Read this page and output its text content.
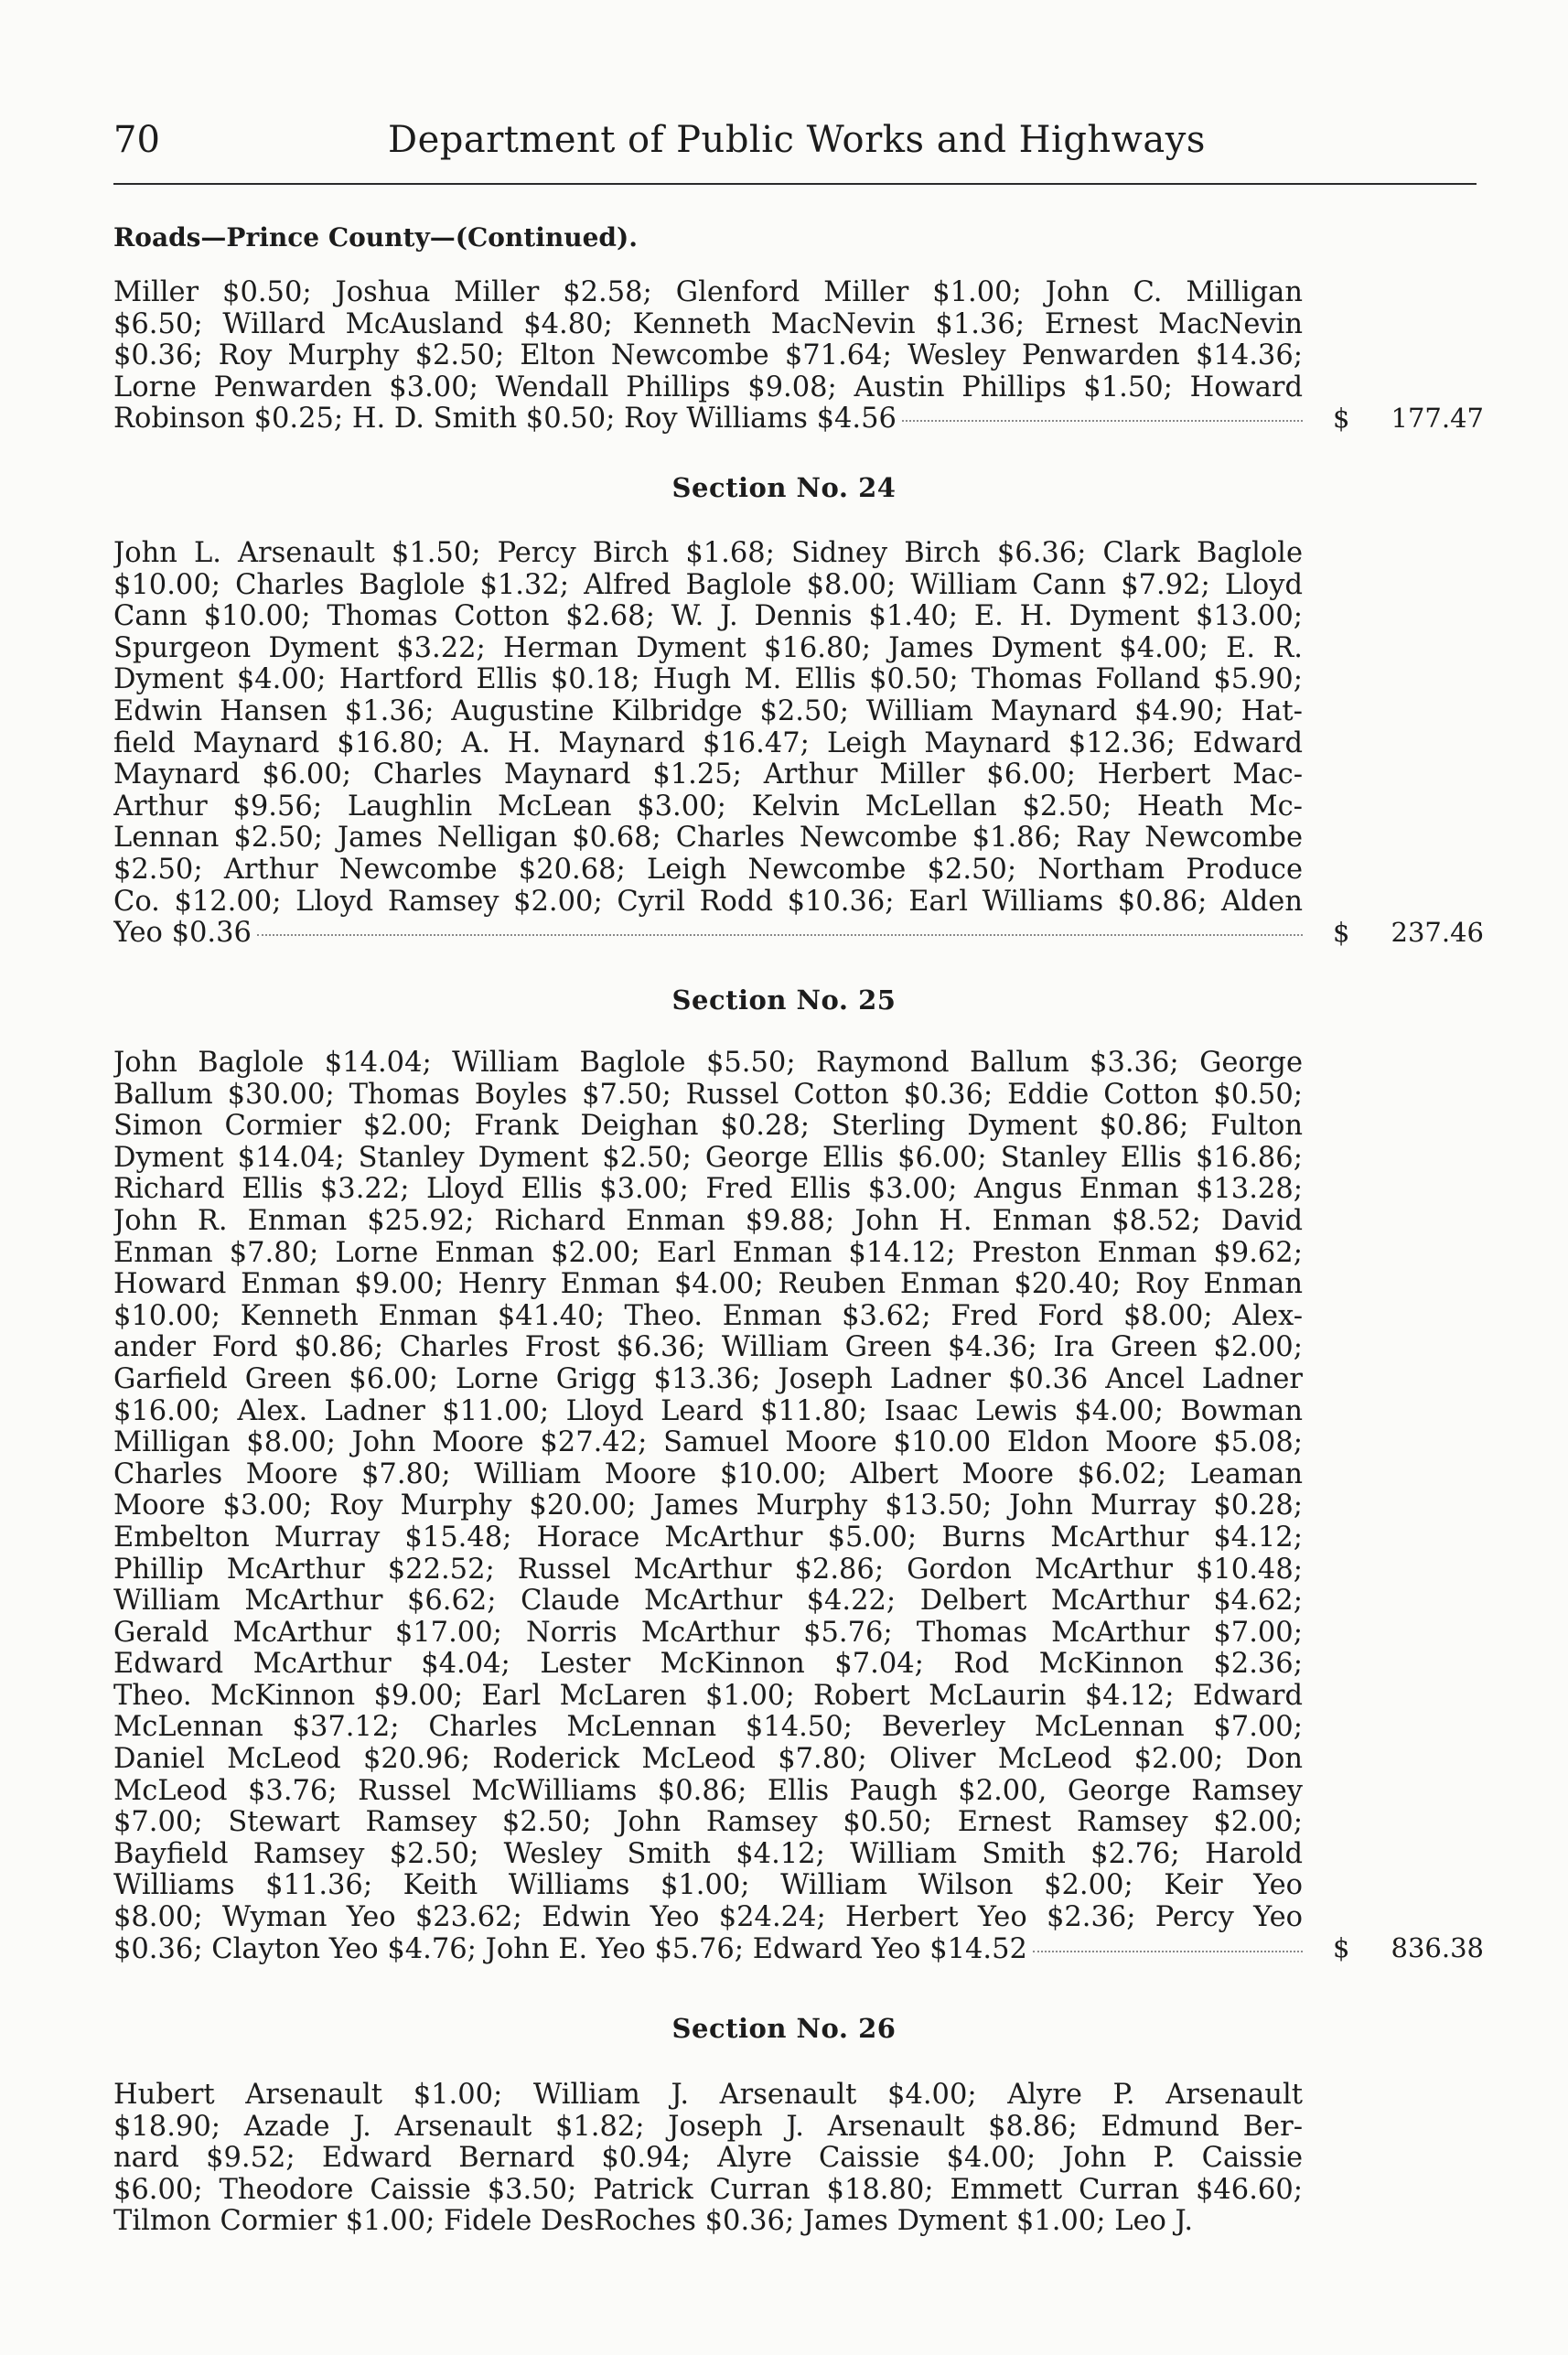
70	Department of Public Works and Highways
Roads—Prince County—(Continued).
Miller $0.50; Joshua Miller $2.58; Glenford Miller $1.00; John C. Milligan
$6.50; Willard McAusland $4.80; Kenneth MacNevin $1.36; Ernest MacNevin
$0.36; Roy Murphy $2.50; Elton Newcombe $71.64; Wesley Penwarden $14.36;
Lorne Penwarden $3.00; Wendall Phillips $9.08; Austin Phillips $1.50; Howard
Robinson $0.25; H. D. Smith $0.50; Roy Williams $4.56	$ 177.47
Section No. 24
John L. Arsenault $1.50; Percy Birch $1.68; Sidney Birch $6.36; Clark Baglole
$10.00; Charles Baglole $1.32; Alfred Baglole $8.00; William Cann $7.92; Lloyd
Cann $10.00; Thomas Cotton $2.68; W. J. Dennis $1.40; E. H. Dyment $13.00;
Spurgeon Dyment $3.22; Herman Dyment $16.80; James Dyment $4.00; E. R.
Dyment $4.00; Hartford Ellis $0.18; Hugh M. Ellis $0.50; Thomas Folland $5.90;
Edwin Hansen $1.36; Augustine Kilbridge $2.50; William Maynard $4.90; Hat-
field Maynard $16.80; A. H. Maynard $16.47; Leigh Maynard $12.36; Edward
Maynard $6.00; Charles Maynard $1.25; Arthur Miller $6.00; Herbert Mac-
Arthur $9.56; Laughlin McLean $3.00; Kelvin McLellan $2.50; Heath Mc-
Lennan $2.50; James Nelligan $0.68; Charles Newcombe $1.86; Ray Newcombe
$2.50; Arthur Newcombe $20.68; Leigh Newcombe $2.50; Northam Produce
Co. $12.00; Lloyd Ramsey $2.00; Cyril Rodd $10.36; Earl Williams $0.86; Alden
Yeo $0.36	$ 237.46
Section No. 25
John Baglole $14.04; William Baglole $5.50; Raymond Ballum $3.36; George
Ballum $30.00; Thomas Boyles $7.50; Russel Cotton $0.36; Eddie Cotton $0.50;
Simon Cormier $2.00; Frank Deighan $0.28; Sterling Dyment $0.86; Fulton
Dyment $14.04; Stanley Dyment $2.50; George Ellis $6.00; Stanley Ellis $16.86;
Richard Ellis $3.22; Lloyd Ellis $3.00; Fred Ellis $3.00; Angus Enman $13.28;
John R. Enman $25.92; Richard Enman $9.88; John H. Enman $8.52; David
Enman $7.80; Lorne Enman $2.00; Earl Enman $14.12; Preston Enman $9.62;
Howard Enman $9.00; Henry Enman $4.00; Reuben Enman $20.40; Roy Enman
$10.00; Kenneth Enman $41.40; Theo. Enman $3.62; Fred Ford $8.00; Alex-
ander Ford $0.86; Charles Frost $6.36; William Green $4.36; Ira Green $2.00;
Garfield Green $6.00; Lorne Grigg $13.36; Joseph Ladner $0.36 Ancel Ladner
$16.00; Alex. Ladner $11.00; Lloyd Leard $11.80; Isaac Lewis $4.00; Bowman
Milligan $8.00; John Moore $27.42; Samuel Moore $10.00 Eldon Moore $5.08;
Charles Moore $7.80; William Moore $10.00; Albert Moore $6.02; Leaman
Moore $3.00; Roy Murphy $20.00; James Murphy $13.50; John Murray $0.28;
Embelton Murray $15.48; Horace McArthur $5.00; Burns McArthur $4.12;
Phillip McArthur $22.52; Russel McArthur $2.86; Gordon McArthur $10.48;
William McArthur $6.62; Claude McArthur $4.22; Delbert McArthur $4.62;
Gerald McArthur $17.00; Norris McArthur $5.76; Thomas McArthur $7.00;
Edward McArthur $4.04; Lester McKinnon $7.04; Rod McKinnon $2.36;
Theo. McKinnon $9.00; Earl McLaren $1.00; Robert McLaurin $4.12; Edward
McLennan $37.12; Charles McLennan $14.50; Beverley McLennan $7.00;
Daniel McLeod $20.96; Roderick McLeod $7.80; Oliver McLeod $2.00; Don
McLeod $3.76; Russel McWilliams $0.86; Ellis Paugh $2.00, George Ramsey
$7.00; Stewart Ramsey $2.50; John Ramsey $0.50; Ernest Ramsey $2.00;
Bayfield Ramsey $2.50; Wesley Smith $4.12; William Smith $2.76; Harold
Williams $11.36; Keith Williams $1.00; William Wilson $2.00; Keir Yeo
$8.00; Wyman Yeo $23.62; Edwin Yeo $24.24; Herbert Yeo $2.36; Percy Yeo
$0.36; Clayton Yeo $4.76; John E. Yeo $5.76; Edward Yeo $14.52	$ 836.38
Section No. 26
Hubert Arsenault $1.00; William J. Arsenault $4.00; Alyre P. Arsenault
$18.90; Azade J. Arsenault $1.82; Joseph J. Arsenault $8.86; Edmund Ber-
nard $9.52; Edward Bernard $0.94; Alyre Caissie $4.00; John P. Caissie
$6.00; Theodore Caissie $3.50; Patrick Curran $18.80; Emmett Curran $46.60;
Tilmon Cormier $1.00; Fidele DesRoches $0.36; James Dyment $1.00; Leo J.
